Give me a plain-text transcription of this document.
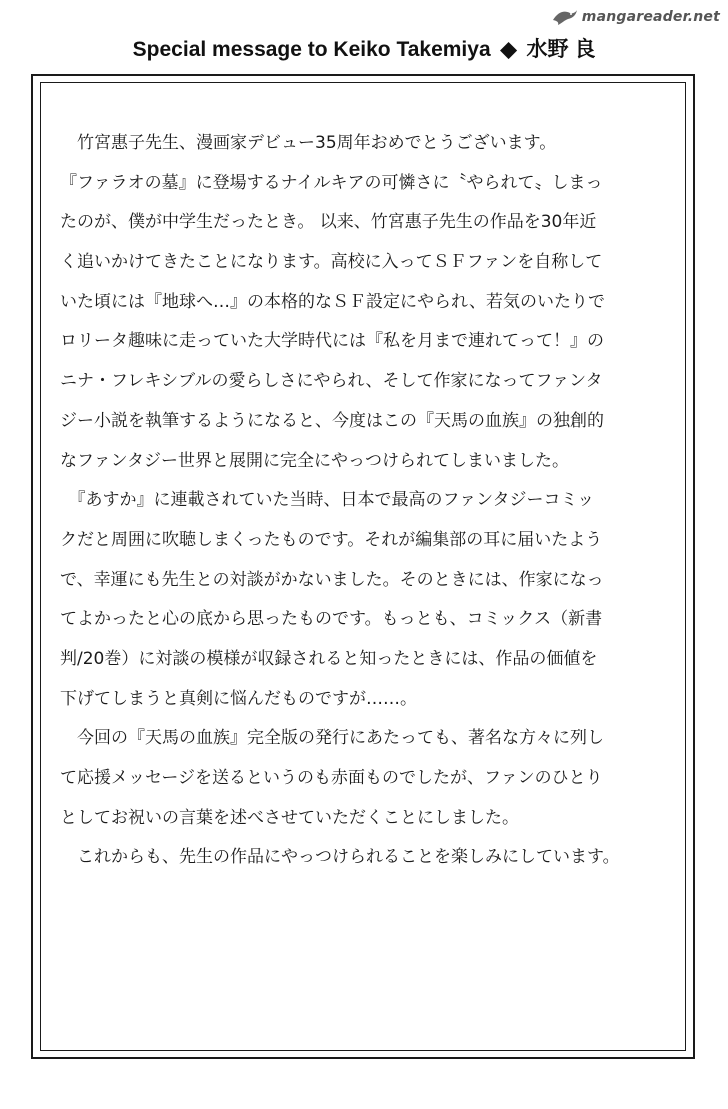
mangareader.net
Special message to Keiko Takemiya ◆ 水野 良
　竹宮惠子先生、漫画家デビュー35周年おめでとうございます。
『ファラオの墓』に登場するナイルキアの可憐さに〝やられて〟しまっ
たのが、僕が中学生だったとき。 以来、竹宮惠子先生の作品を30年近
く追いかけてきたことになります。高校に入ってＳＦファンを自称して
いた頃には『地球へ…』の本格的なＳＦ設定にやられ、若気のいたりで
ロリータ趣味に走っていた大学時代には『私を月まで連れてって！』の
ニナ・フレキシブルの愛らしさにやられ、そして作家になってファンタ
ジー小説を執筆するようになると、今度はこの『天馬の血族』の独創的
なファンタジー世界と展開に完全にやっつけられてしまいました。
　『あすか』に連載されていた当時、日本で最高のファンタジーコミッ
クだと周囲に吹聴しまくったものです。それが編集部の耳に届いたよう
で、幸運にも先生との対談がかないました。そのときには、作家になっ
てよかったと心の底から思ったものです。もっとも、コミックス（新書
判/20巻）に対談の模様が収録されると知ったときには、作品の価値を
下げてしまうと真剣に悩んだものですが……。
　今回の『天馬の血族』完全版の発行にあたっても、著名な方々に列し
て応援メッセージを送るというのも赤面ものでしたが、ファンのひとり
としてお祝いの言葉を述べさせていただくことにしました。
　これからも、先生の作品にやっつけられることを楽しみにしています。
